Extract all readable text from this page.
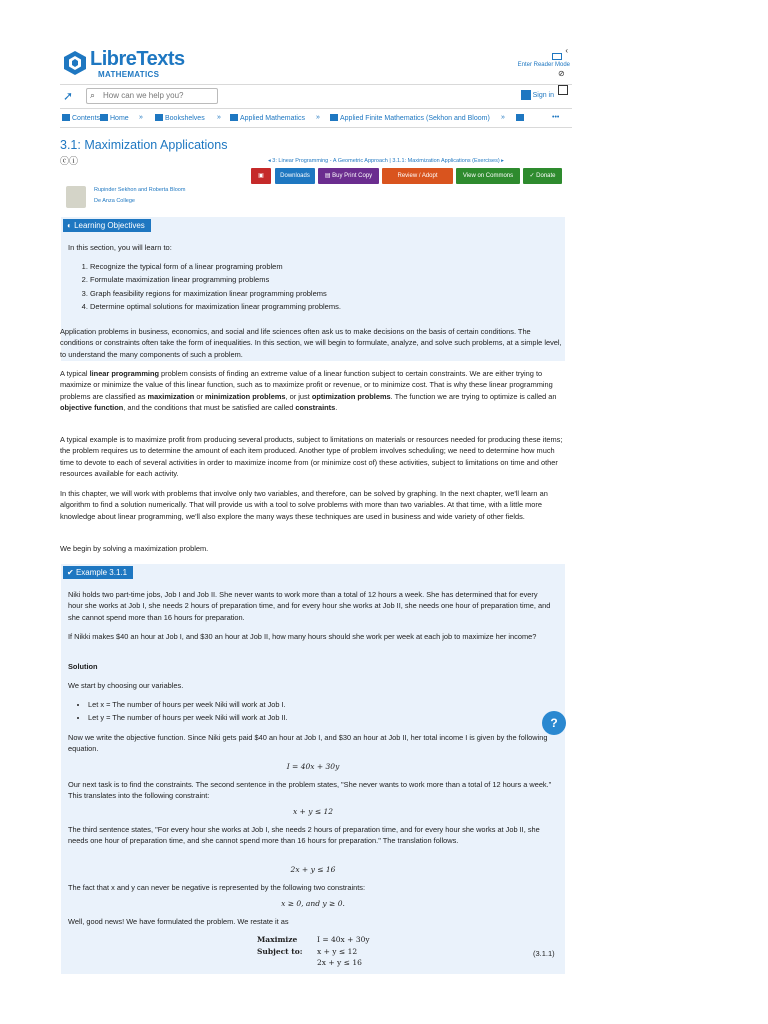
LibreTexts
MATHEMATICS
‹
Enter Reader Mode
⊘
➚ ⌕ How can we help you?	Sign in
Contents	Home »	Bookshelves »	Applied Mathematics »	Applied Finite Mathematics (Sekhon and Bloom) »	•••
3.1: Maximization Applications
ⓒⓘ	◂ 3: Linear Programming - A Geometric Approach | 3.1.1: Maximization Applications (Exercises) ▸
▣	Downloads	▤ Buy Print Copy	Review / Adopt	View on Commons	✓ Donate
Rupinder Sekhon and Roberta Bloom
De Anza College
◐ Learning Objectives
In this section, you will learn to:
1. Recognize the typical form of a linear programing problem
2. Formulate maximization linear programming problems
3. Graph feasibility regions for maximization linear programming problems
4. Determine optimal solutions for maximization linear programming problems.

Application problems in business, economics, and social and life sciences often ask us to make decisions on the basis of certain conditions. The conditions or constraints often take the form of inequalities. In this section, we will begin to formulate, analyze, and solve such problems, at a simple level, to understand the many components of such a problem.

A typical linear programming problem consists of finding an extreme value of a linear function subject to certain constraints. We are either trying to maximize or minimize the value of this linear function, such as to maximize profit or revenue, or to minimize cost. That is why these linear programming problems are classified as maximization or minimization problems, or just optimization problems. The function we are trying to optimize is called an objective function, and the conditions that must be satisfied are called constraints.

A typical example is to maximize profit from producing several products, subject to limitations on materials or resources needed for producing these items; the problem requires us to determine the amount of each item produced. Another type of problem involves scheduling; we need to determine how much time to devote to each of several activities in order to maximize income from (or minimize cost of) these activities, subject to limitations on time and other resources available for each activity.

In this chapter, we will work with problems that involve only two variables, and therefore, can be solved by graphing. In the next chapter, we'll learn an algorithm to find a solution numerically. That will provide us with a tool to solve problems with more than two variables. At that time, with a little more knowledge about linear programming, we'll also explore the many ways these techniques are used in business and wide variety of other fields.

We begin by solving a maximization problem.

✔ Example 3.1.1

Niki holds two part-time jobs, Job I and Job II. She never wants to work more than a total of 12 hours a week. She has determined that for every hour she works at Job I, she needs 2 hours of preparation time, and for every hour she works at Job II, she needs one hour of preparation time, and she cannot spend more than 16 hours for preparation.

If Nikki makes $40 an hour at Job I, and $30 an hour at Job II, how many hours should she work per week at each job to maximize her income?

Solution

We start by choosing our variables.

• Let x = The number of hours per week Niki will work at Job I.
• Let y = The number of hours per week Niki will work at Job II.

Now we write the objective function. Since Niki gets paid $40 an hour at Job I, and $30 an hour at Job II, her total income I is given by the following equation.

I = 40x + 30y

Our next task is to find the constraints. The second sentence in the problem states, "She never wants to work more than a total of 12 hours a week." This translates into the following constraint:

x + y ≤ 12

The third sentence states, "For every hour she works at Job I, she needs 2 hours of preparation time, and for every hour she works at Job II, she needs one hour of preparation time, and she cannot spend more than 16 hours for preparation." The translation follows.

2x + y ≤ 16

The fact that x and y can never be negative is represented by the following two constraints:

x ≥ 0, and y ≥ 0.

Well, good news! We have formulated the problem. We restate it as

Maximize	I = 40x + 30y
Subject to: x + y ≤ 12
2x + y ≤ 16
(3.1.1)
?
